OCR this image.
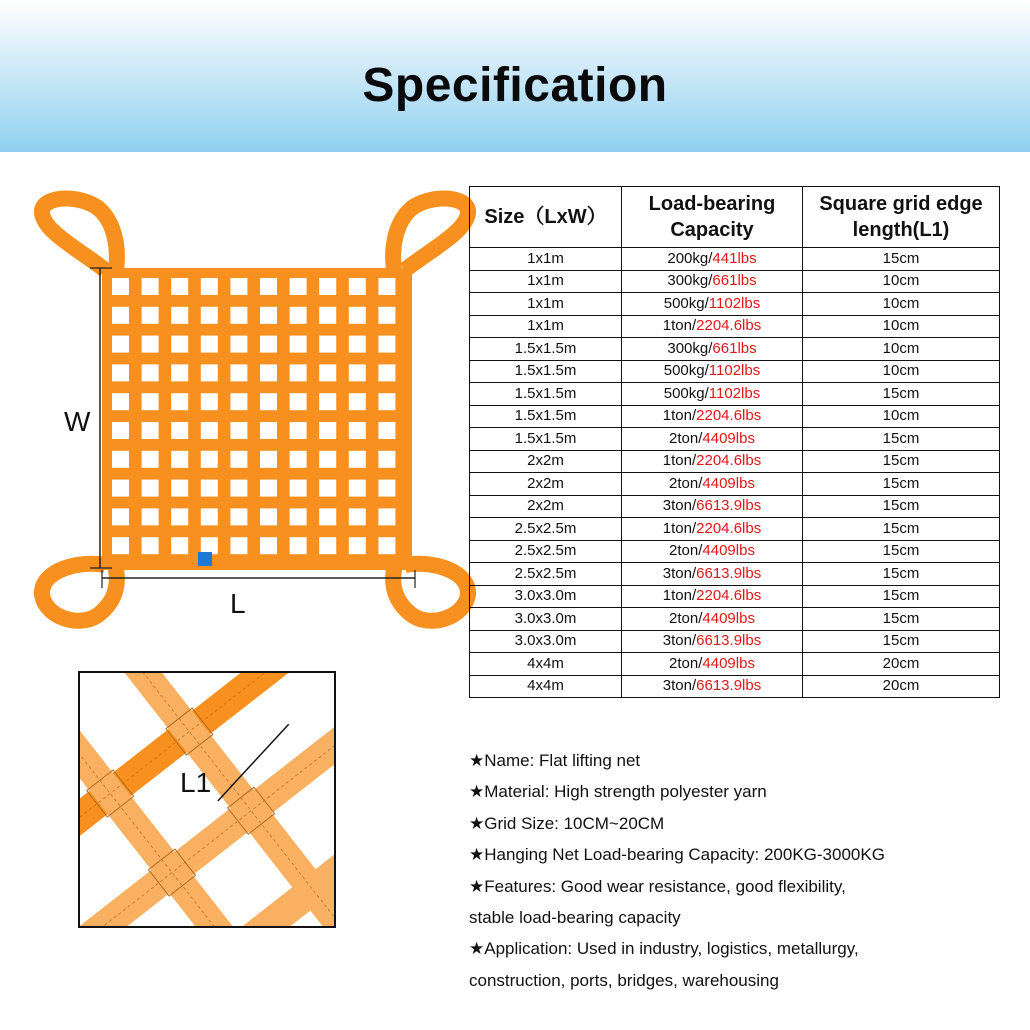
Specification
W
L
L1
Size（LxW）	Load-bearing Capacity	Square grid edge length(L1)
1x1m	200kg/441lbs	15cm
1x1m	300kg/661lbs	10cm
1x1m	500kg/1102lbs	10cm
1x1m	1ton/2204.6lbs	10cm
1.5x1.5m	300kg/661lbs	10cm
1.5x1.5m	500kg/1102lbs	10cm
1.5x1.5m	500kg/1102lbs	15cm
1.5x1.5m	1ton/2204.6lbs	10cm
1.5x1.5m	2ton/4409lbs	15cm
2x2m	1ton/2204.6lbs	15cm
2x2m	2ton/4409lbs	15cm
2x2m	3ton/6613.9lbs	15cm
2.5x2.5m	1ton/2204.6lbs	15cm
2.5x2.5m	2ton/4409lbs	15cm
2.5x2.5m	3ton/6613.9lbs	15cm
3.0x3.0m	1ton/2204.6lbs	15cm
3.0x3.0m	2ton/4409lbs	15cm
3.0x3.0m	3ton/6613.9lbs	15cm
4x4m	2ton/4409lbs	20cm
4x4m	3ton/6613.9lbs	20cm
★Name: Flat lifting net
★Material: High strength polyester yarn
★Grid Size: 10CM~20CM
★Hanging Net Load-bearing Capacity: 200KG-3000KG
★Features: Good wear resistance, good flexibility,
stable load-bearing capacity
★Application: Used in industry, logistics, metallurgy,
construction, ports, bridges, warehousing
